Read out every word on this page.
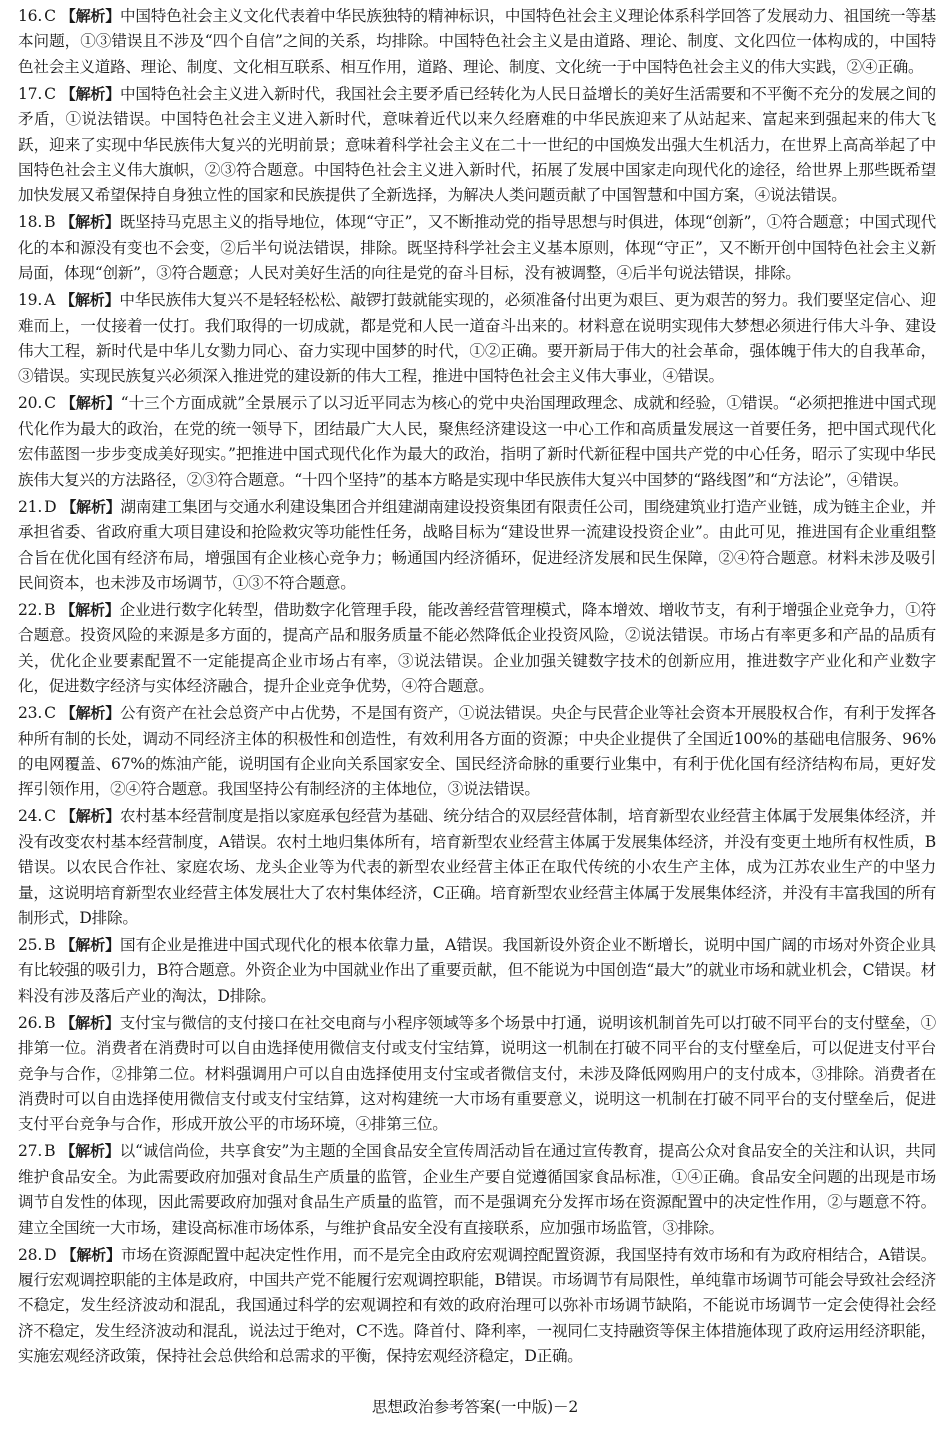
16. C 【解析】中国特色社会主义文化代表着中华民族独特的精神标识，中国特色社会主义理论体系科学回答了发展动力、祖国统一等基本问题，①③错误且不涉及“四个自信”之间的关系，均排除。中国特色社会主义是由道路、理论、制度、文化四位一体构成的，中国特色社会主义道路、理论、制度、文化相互联系、相互作用，道路、理论、制度、文化统一于中国特色社会主义的伟大实践，②④正确。
17. C 【解析】中国特色社会主义进入新时代，我国社会主要矛盾已经转化为人民日益增长的美好生活需要和不平衡不充分的发展之间的矛盾，①说法错误。中国特色社会主义进入新时代，意味着近代以来久经磨难的中华民族迎来了从站起来、富起来到强起来的伟大飞跃，迎来了实现中华民族伟大复兴的光明前景；意味着科学社会主义在二十一世纪的中国焕发出强大生机活力，在世界上高高举起了中国特色社会主义伟大旗帜，②③符合题意。中国特色社会主义进入新时代，拓展了发展中国家走向现代化的途径，给世界上那些既希望加快发展又希望保持自身独立性的国家和民族提供了全新选择，为解决人类问题贡献了中国智慧和中国方案，④说法错误。
18. B 【解析】既坚持马克思主义的指导地位，体现“守正”，又不断推动党的指导思想与时俱进，体现“创新”，①符合题意；中国式现代化的本和源没有变也不会变，②后半句说法错误，排除。既坚持科学社会主义基本原则，体现“守正”，又不断开创中国特色社会主义新局面，体现“创新”，③符合题意；人民对美好生活的向往是党的奋斗目标，没有被调整，④后半句说法错误，排除。
19. A 【解析】中华民族伟大复兴不是轻轻松松、敲锣打鼓就能实现的，必须准备付出更为艰巨、更为艰苦的努力。我们要坚定信心、迎难而上，一仗接着一仗打。我们取得的一切成就，都是党和人民一道奋斗出来的。材料意在说明实现伟大梦想必须进行伟大斗争、建设伟大工程，新时代是中华儿女勠力同心、奋力实现中国梦的时代，①②正确。要开新局于伟大的社会革命，强体魄于伟大的自我革命，③错误。实现民族复兴必须深入推进党的建设新的伟大工程，推进中国特色社会主义伟大事业，④错误。
20. C 【解析】“十三个方面成就”全景展示了以习近平同志为核心的党中央治国理政理念、成就和经验，①错误。“必须把推进中国式现代化作为最大的政治，在党的统一领导下，团结最广大人民，聚焦经济建设这一中心工作和高质量发展这一首要任务，把中国式现代化宏伟蓝图一步步变成美好现实。”把推进中国式现代化作为最大的政治，指明了新时代新征程中国共产党的中心任务，昭示了实现中华民族伟大复兴的方法路径，②③符合题意。“十四个坚持”的基本方略是实现中华民族伟大复兴中国梦的“路线图”和“方法论”，④错误。
21. D 【解析】湖南建工集团与交通水利建设集团合并组建湖南建设投资集团有限责任公司，围绕建筑业打造产业链，成为链主企业，并承担省委、省政府重大项目建设和抢险救灾等功能性任务，战略目标为“建设世界一流建设投资企业”。由此可见，推进国有企业重组整合旨在优化国有经济布局，增强国有企业核心竞争力；畅通国内经济循环，促进经济发展和民生保障，②④符合题意。材料未涉及吸引民间资本，也未涉及市场调节，①③不符合题意。
22. B 【解析】企业进行数字化转型，借助数字化管理手段，能改善经营管理模式，降本增效、增收节支，有利于增强企业竞争力，①符合题意。投资风险的来源是多方面的，提高产品和服务质量不能必然降低企业投资风险，②说法错误。市场占有率更多和产品的品质有关，优化企业要素配置不一定能提高企业市场占有率，③说法错误。企业加强关键数字技术的创新应用，推进数字产业化和产业数字化，促进数字经济与实体经济融合，提升企业竞争优势，④符合题意。
23. C 【解析】公有资产在社会总资产中占优势，不是国有资产，①说法错误。央企与民营企业等社会资本开展股权合作，有利于发挥各种所有制的长处，调动不同经济主体的积极性和创造性，有效利用各方面的资源；中央企业提供了全国近100%的基础电信服务、96%的电网覆盖、67%的炼油产能，说明国有企业向关系国家安全、国民经济命脉的重要行业集中，有利于优化国有经济结构布局，更好发挥引领作用，②④符合题意。我国坚持公有制经济的主体地位，③说法错误。
24. C 【解析】农村基本经营制度是指以家庭承包经营为基础、统分结合的双层经营体制，培育新型农业经营主体属于发展集体经济，并没有改变农村基本经营制度，A错误。农村土地归集体所有，培育新型农业经营主体属于发展集体经济，并没有变更土地所有权性质，B错误。以农民合作社、家庭农场、龙头企业等为代表的新型农业经营主体正在取代传统的小农生产主体，成为江苏农业生产的中坚力量，这说明培育新型农业经营主体发展壮大了农村集体经济，C正确。培育新型农业经营主体属于发展集体经济，并没有丰富我国的所有制形式，D排除。
25. B 【解析】国有企业是推进中国式现代化的根本依靠力量，A错误。我国新设外资企业不断增长，说明中国广阔的市场对外资企业具有比较强的吸引力，B符合题意。外资企业为中国就业作出了重要贡献，但不能说为中国创造“最大”的就业市场和就业机会，C错误。材料没有涉及落后产业的淘汰，D排除。
26. B 【解析】支付宝与微信的支付接口在社交电商与小程序领域等多个场景中打通，说明该机制首先可以打破不同平台的支付壁垒，①排第一位。消费者在消费时可以自由选择使用微信支付或支付宝结算，说明这一机制在打破不同平台的支付壁垒后，可以促进支付平台竞争与合作，②排第二位。材料强调用户可以自由选择使用支付宝或者微信支付，未涉及降低网购用户的支付成本，③排除。消费者在消费时可以自由选择使用微信支付或支付宝结算，这对构建统一大市场有重要意义，说明这一机制在打破不同平台的支付壁垒后，促进支付平台竞争与合作，形成开放公平的市场环境，④排第三位。
27. B 【解析】以“诚信尚俭，共享食安”为主题的全国食品安全宣传周活动旨在通过宣传教育，提高公众对食品安全的关注和认识，共同维护食品安全。为此需要政府加强对食品生产质量的监管，企业生产要自觉遵循国家食品标准，①④正确。食品安全问题的出现是市场调节自发性的体现，因此需要政府加强对食品生产质量的监管，而不是强调充分发挥市场在资源配置中的决定性作用，②与题意不符。建立全国统一大市场，建设高标准市场体系，与维护食品安全没有直接联系，应加强市场监管，③排除。
28. D 【解析】市场在资源配置中起决定性作用，而不是完全由政府宏观调控配置资源，我国坚持有效市场和有为政府相结合，A错误。履行宏观调控职能的主体是政府，中国共产党不能履行宏观调控职能，B错误。市场调节有局限性，单纯靠市场调节可能会导致社会经济不稳定，发生经济波动和混乱，我国通过科学的宏观调控和有效的政府治理可以弥补市场调节缺陷，不能说市场调节一定会使得社会经济不稳定，发生经济波动和混乱，说法过于绝对，C不选。降首付、降利率，一视同仁支持融资等保主体措施体现了政府运用经济职能，实施宏观经济政策，保持社会总供给和总需求的平衡，保持宏观经济稳定，D正确。
思想政治参考答案(一中版)－2
